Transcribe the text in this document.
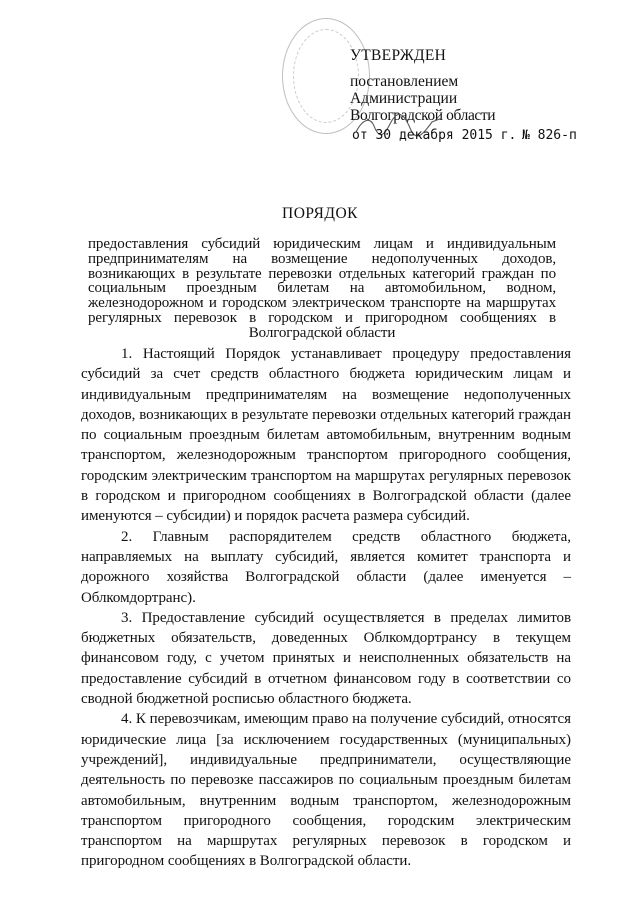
УТВЕРЖДЕН
постановлением
Администрации
Волгоградской области
от 30 декабря 2015 г. № 826-п
ПОРЯДОК
предоставления субсидий юридическим лицам и индивидуальным предпринимателям на возмещение недополученных доходов, возникающих в результате перевозки отдельных категорий граждан по социальным проездным билетам на автомобильном, водном, железнодорожном и городском электрическом транспорте на маршрутах регулярных перевозок в городском и пригородном сообщениях в Волгоградской области

1. Настоящий Порядок устанавливает процедуру предоставления субсидий за счет средств областного бюджета юридическим лицам и индивидуальным предпринимателям на возмещение недополученных доходов, возникающих в результате перевозки отдельных категорий граждан по социальным проездным билетам автомобильным, внутренним водным транспортом, железнодорожным транспортом пригородного сообщения, городским электрическим транспортом на маршрутах регулярных перевозок в городском и пригородном сообщениях в Волгоградской области (далее именуются – субсидии) и порядок расчета размера субсидий.

2. Главным распорядителем средств областного бюджета, направляемых на выплату субсидий, является комитет транспорта и дорожного хозяйства Волгоградской области (далее именуется – Облкомдортранс).

3. Предоставление субсидий осуществляется в пределах лимитов бюджетных обязательств, доведенных Облкомдортрансу в текущем финансовом году, с учетом принятых и неисполненных обязательств на предоставление субсидий в отчетном финансовом году в соответствии со сводной бюджетной росписью областного бюджета.

4. К перевозчикам, имеющим право на получение субсидий, относятся юридические лица [за исключением государственных (муниципальных) учреждений], индивидуальные предприниматели, осуществляющие деятельность по перевозке пассажиров по социальным проездным билетам автомобильным, внутренним водным транспортом, железнодорожным транспортом пригородного сообщения, городским электрическим транспортом на маршрутах регулярных перевозок в городском и пригородном сообщениях в Волгоградской области.
